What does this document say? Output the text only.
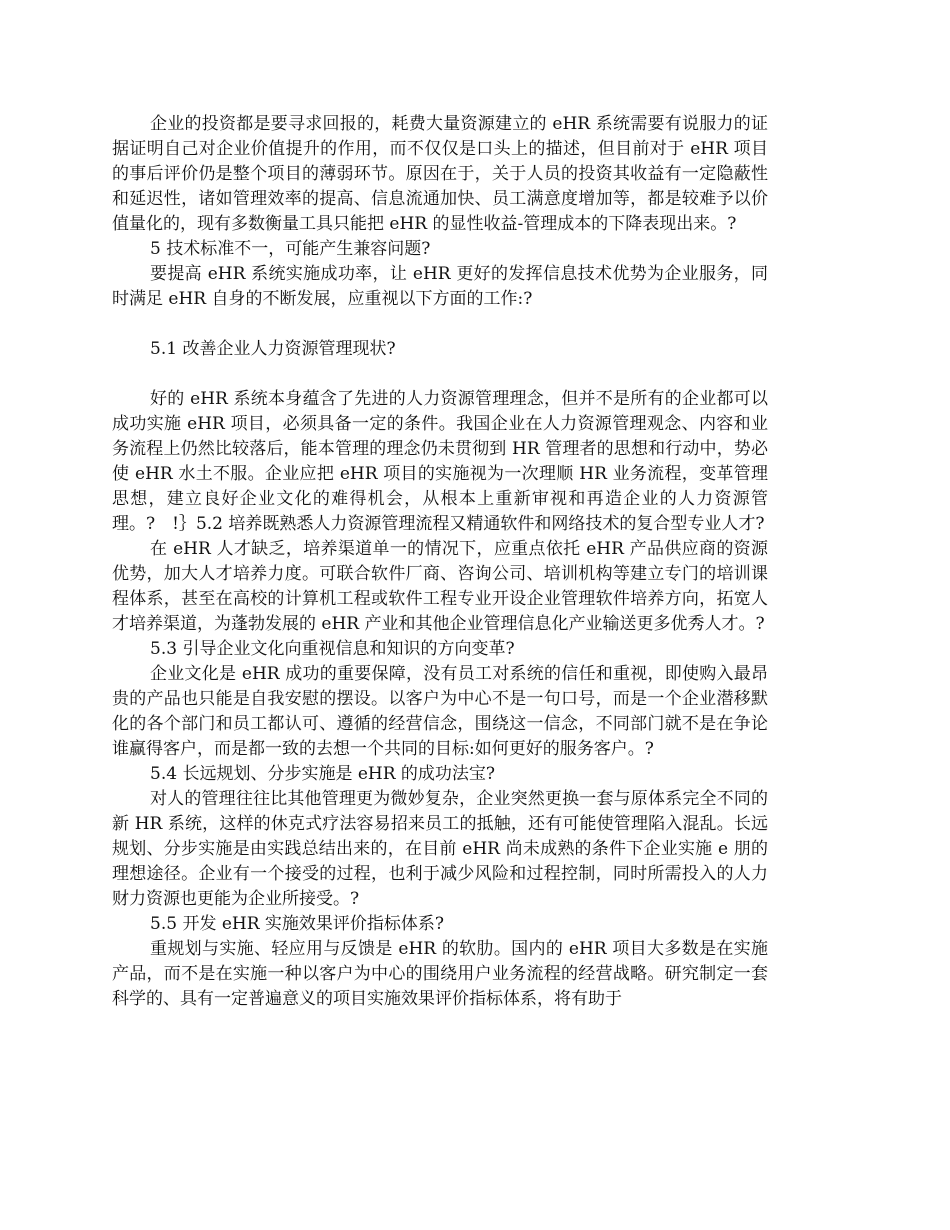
企业的投资都是要寻求回报的，耗费大量资源建立的 eHR 系统需要有说服力的证据证明自己对企业价值提升的作用，而不仅仅是口头上的描述，但目前对于 eHR 项目的事后评价仍是整个项目的薄弱环节。原因在于，关于人员的投资其收益有一定隐蔽性和延迟性，诸如管理效率的提高、信息流通加快、员工满意度增加等，都是较难予以价值量化的，现有多数衡量工具只能把 eHR 的显性收益-管理成本的下降表现出来。?

5 技术标准不一，可能产生兼容问题?

要提高 eHR 系统实施成功率，让 eHR 更好的发挥信息技术优势为企业服务，同时满足 eHR 自身的不断发展，应重视以下方面的工作:?

5.1 改善企业人力资源管理现状?

好的 eHR 系统本身蕴含了先进的人力资源管理理念，但并不是所有的企业都可以成功实施 eHR 项目，必须具备一定的条件。我国企业在人力资源管理观念、内容和业务流程上仍然比较落后，能本管理的理念仍未贯彻到 HR 管理者的思想和行动中，势必使 eHR 水土不服。企业应把 eHR 项目的实施视为一次理顺 HR 业务流程，变革管理思想，建立良好企业文化的难得机会，从根本上重新审视和再造企业的人力资源管理。?　!｝5.2 培养既熟悉人力资源管理流程又精通软件和网络技术的复合型专业人才?

在 eHR 人才缺乏，培养渠道单一的情况下，应重点依托 eHR 产品供应商的资源优势，加大人才培养力度。可联合软件厂商、咨询公司、培训机构等建立专门的培训课程体系，甚至在高校的计算机工程或软件工程专业开设企业管理软件培养方向，拓宽人才培养渠道，为蓬勃发展的 eHR 产业和其他企业管理信息化产业输送更多优秀人才。?

5.3 引导企业文化向重视信息和知识的方向变革?

企业文化是 eHR 成功的重要保障，没有员工对系统的信任和重视，即使购入最昂贵的产品也只能是自我安慰的摆设。以客户为中心不是一句口号，而是一个企业潜移默化的各个部门和员工都认可、遵循的经营信念，围绕这一信念，不同部门就不是在争论谁赢得客户，而是都一致的去想一个共同的目标:如何更好的服务客户。?

5.4 长远规划、分步实施是 eHR 的成功法宝?

对人的管理往往比其他管理更为微妙复杂，企业突然更换一套与原体系完全不同的新 HR 系统，这样的休克式疗法容易招来员工的抵触，还有可能使管理陷入混乱。长远规划、分步实施是由实践总结出来的，在目前 eHR 尚未成熟的条件下企业实施 e 朋的理想途径。企业有一个接受的过程，也利于减少风险和过程控制，同时所需投入的人力财力资源也更能为企业所接受。?

5.5 开发 eHR 实施效果评价指标体系?

重规划与实施、轻应用与反馈是 eHR 的软肋。国内的 eHR 项目大多数是在实施产品，而不是在实施一种以客户为中心的围绕用户业务流程的经营战略。研究制定一套科学的、具有一定普遍意义的项目实施效果评价指标体系，将有助于
